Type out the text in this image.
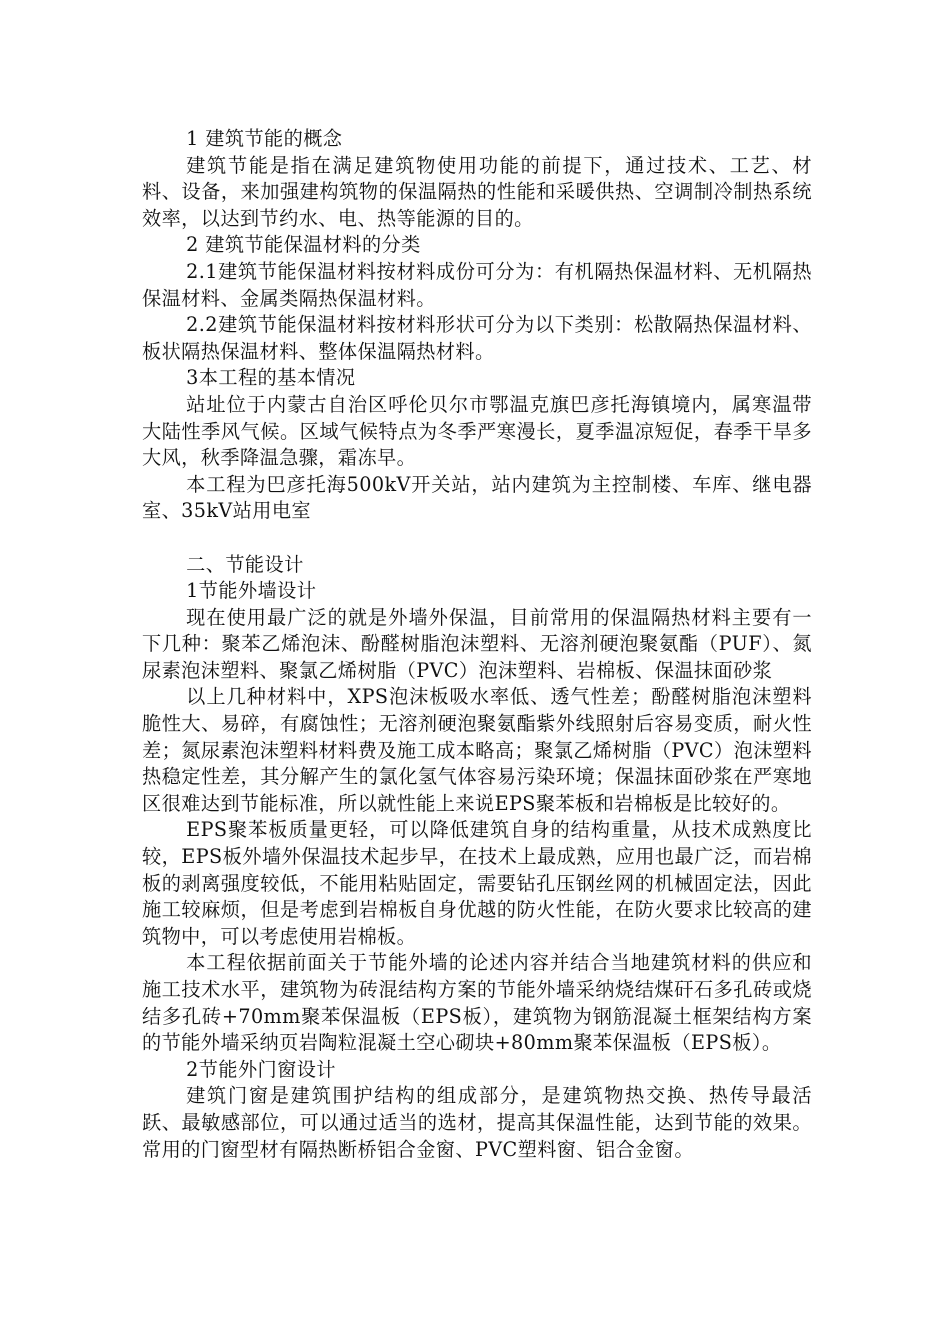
1 建筑节能的概念

建筑节能是指在满足建筑物使用功能的前提下，通过技术、工艺、材料、设备，来加强建构筑物的保温隔热的性能和采暖供热、空调制冷制热系统效率，以达到节约水、电、热等能源的目的。

2 建筑节能保温材料的分类

2.1建筑节能保温材料按材料成份可分为：有机隔热保温材料、无机隔热保温材料、金属类隔热保温材料。

2.2建筑节能保温材料按材料形状可分为以下类别：松散隔热保温材料、板状隔热保温材料、整体保温隔热材料。

3本工程的基本情况

站址位于内蒙古自治区呼伦贝尔市鄂温克旗巴彦托海镇境内，属寒温带大陆性季风气候。区域气候特点为冬季严寒漫长，夏季温凉短促，春季干旱多大风，秋季降温急骤，霜冻早。

本工程为巴彦托海500kV开关站，站内建筑为主控制楼、车库、继电器室、35kV站用电室

二、节能设计

1节能外墙设计

现在使用最广泛的就是外墙外保温，目前常用的保温隔热材料主要有一下几种：聚苯乙烯泡沫、酚醛树脂泡沫塑料、无溶剂硬泡聚氨酯（PUF）、氮尿素泡沫塑料、聚氯乙烯树脂（PVC）泡沫塑料、岩棉板、保温抹面砂浆

以上几种材料中，XPS泡沫板吸水率低、透气性差；酚醛树脂泡沫塑料脆性大、易碎，有腐蚀性；无溶剂硬泡聚氨酯紫外线照射后容易变质，耐火性差；氮尿素泡沫塑料材料费及施工成本略高；聚氯乙烯树脂（PVC）泡沫塑料热稳定性差，其分解产生的氯化氢气体容易污染环境；保温抹面砂浆在严寒地区很难达到节能标准，所以就性能上来说EPS聚苯板和岩棉板是比较好的。

EPS聚苯板质量更轻，可以降低建筑自身的结构重量，从技术成熟度比较，EPS板外墙外保温技术起步早，在技术上最成熟，应用也最广泛，而岩棉板的剥离强度较低，不能用粘贴固定，需要钻孔压钢丝网的机械固定法，因此施工较麻烦，但是考虑到岩棉板自身优越的防火性能，在防火要求比较高的建筑物中，可以考虑使用岩棉板。

本工程依据前面关于节能外墙的论述内容并结合当地建筑材料的供应和施工技术水平，建筑物为砖混结构方案的节能外墙采纳烧结煤矸石多孔砖或烧结多孔砖+70mm聚苯保温板（EPS板），建筑物为钢筋混凝土框架结构方案的节能外墙采纳页岩陶粒混凝土空心砌块+80mm聚苯保温板（EPS板）。

2节能外门窗设计

建筑门窗是建筑围护结构的组成部分，是建筑物热交换、热传导最活跃、最敏感部位，可以通过适当的选材，提高其保温性能，达到节能的效果。常用的门窗型材有隔热断桥铝合金窗、PVC塑料窗、铝合金窗。
